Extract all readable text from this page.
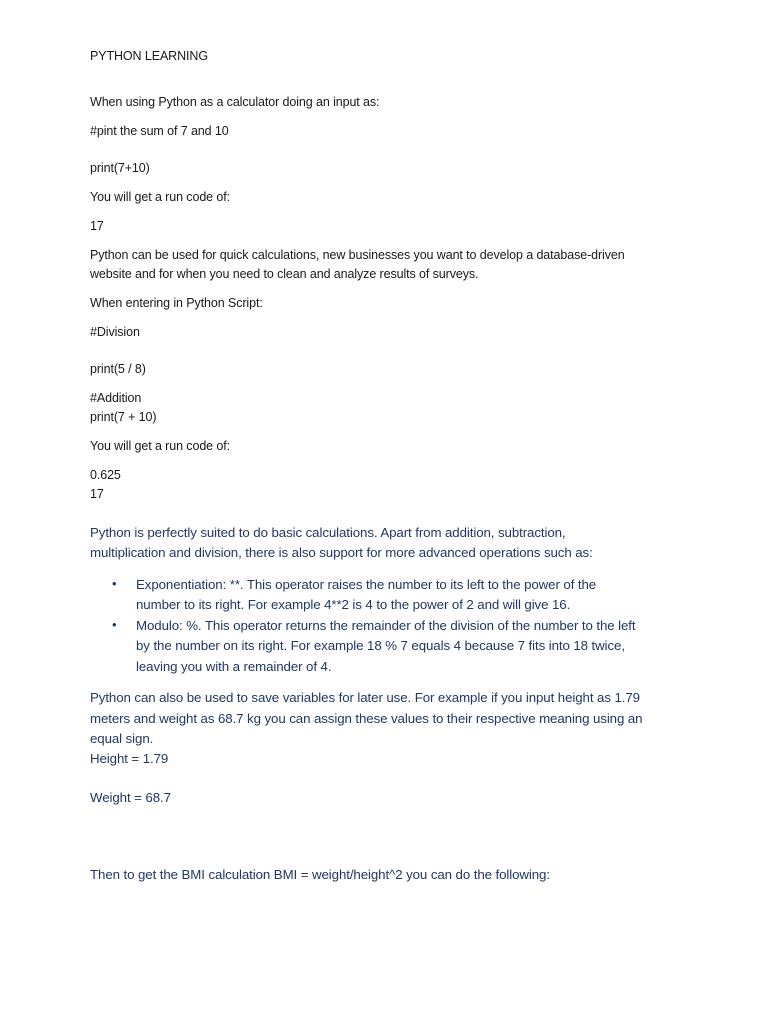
PYTHON LEARNING
When using Python as a calculator doing an input as:
#pint the sum of 7 and 10
print(7+10)
You will get a run code of:
17
Python can be used for quick calculations, new businesses you want to develop a database-driven
website and for when you need to clean and analyze results of surveys.
When entering in Python Script:
#Division
print(5 / 8)
#Addition
print(7 + 10)
You will get a run code of:
0.625
17
Python is perfectly suited to do basic calculations. Apart from addition, subtraction,
multiplication and division, there is also support for more advanced operations such as:
• Exponentiation: **. This operator raises the number to its left to the power of the
number to its right. For example 4**2 is 4 to the power of 2 and will give 16.
• Modulo: %. This operator returns the remainder of the division of the number to the left
by the number on its right. For example 18 % 7 equals 4 because 7 fits into 18 twice,
leaving you with a remainder of 4.
Python can also be used to save variables for later use. For example if you input height as 1.79
meters and weight as 68.7 kg you can assign these values to their respective meaning using an
equal sign.
Height = 1.79
Weight = 68.7
Then to get the BMI calculation BMI = weight/height^2 you can do the following:
